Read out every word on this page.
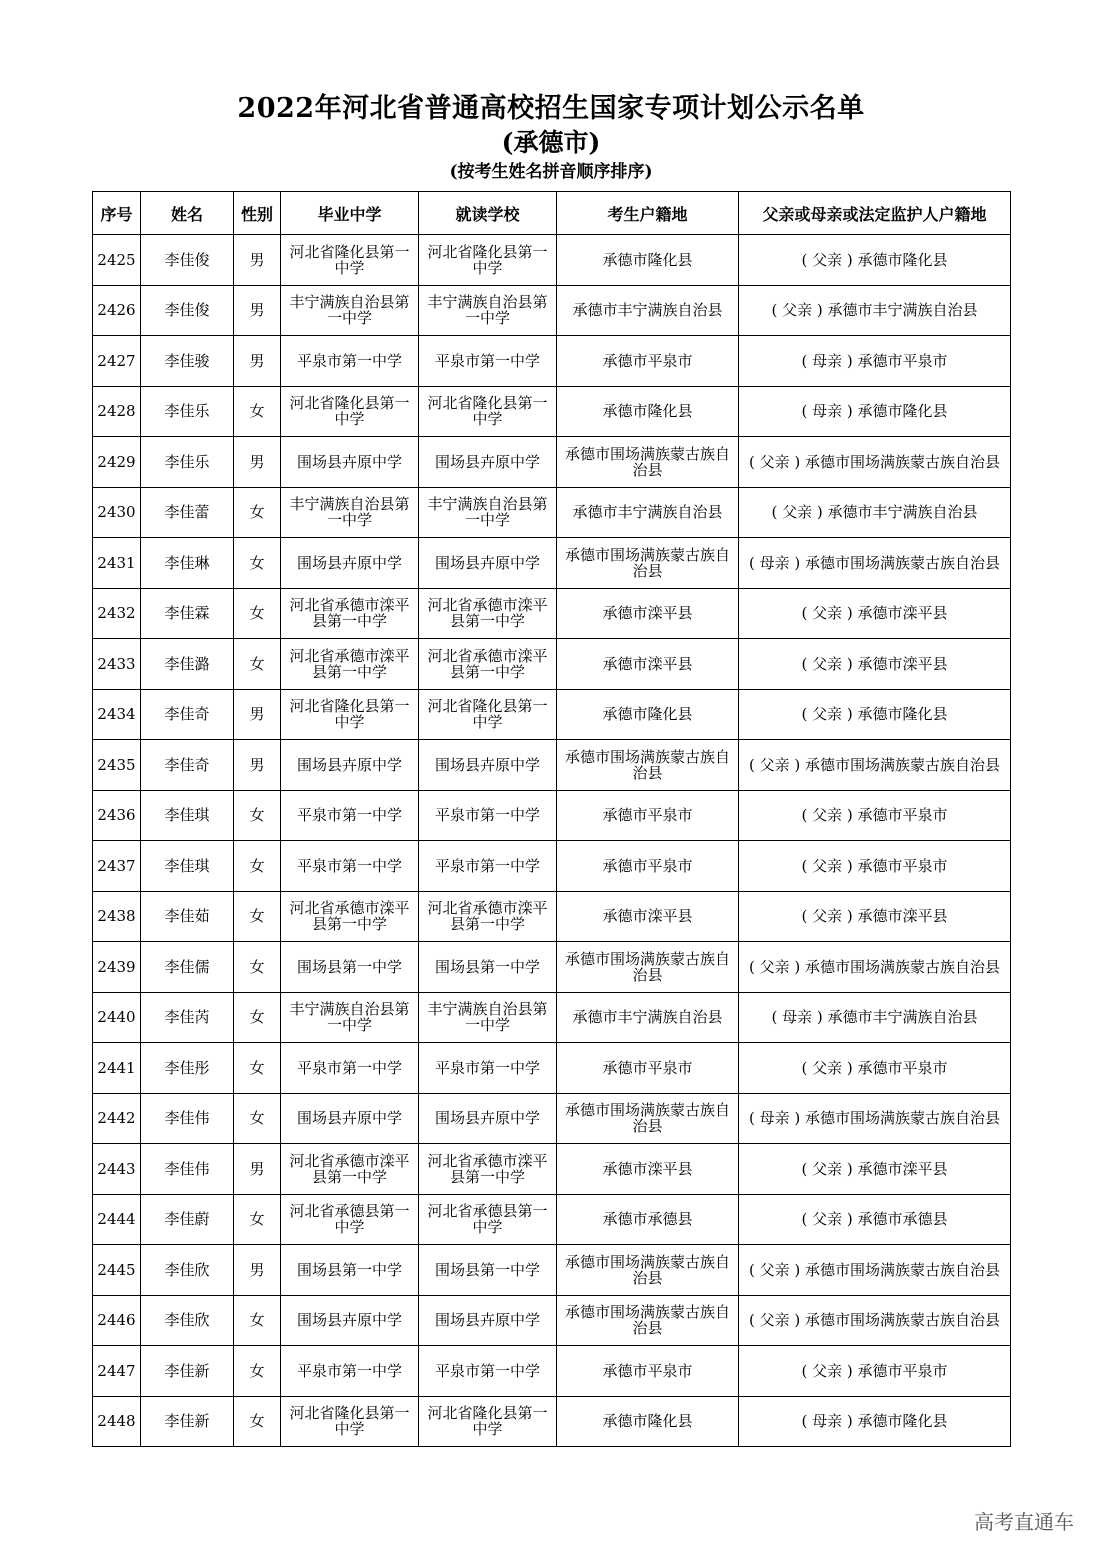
2022年河北省普通高校招生国家专项计划公示名单
(承德市)
(按考生姓名拼音顺序排序)
序号	姓名	性别	毕业中学	就读学校	考生户籍地	父亲或母亲或法定监护人户籍地
2425	李佳俊	男	河北省隆化县第一中学	河北省隆化县第一中学	承德市隆化县	( 父亲 ) 承德市隆化县
2426	李佳俊	男	丰宁满族自治县第一中学	丰宁满族自治县第一中学	承德市丰宁满族自治县	( 父亲 ) 承德市丰宁满族自治县
2427	李佳骏	男	平泉市第一中学	平泉市第一中学	承德市平泉市	( 母亲 ) 承德市平泉市
2428	李佳乐	女	河北省隆化县第一中学	河北省隆化县第一中学	承德市隆化县	( 母亲 ) 承德市隆化县
2429	李佳乐	男	围场县卉原中学	围场县卉原中学	承德市围场满族蒙古族自治县	( 父亲 ) 承德市围场满族蒙古族自治县
2430	李佳蕾	女	丰宁满族自治县第一中学	丰宁满族自治县第一中学	承德市丰宁满族自治县	( 父亲 ) 承德市丰宁满族自治县
2431	李佳琳	女	围场县卉原中学	围场县卉原中学	承德市围场满族蒙古族自治县	( 母亲 ) 承德市围场满族蒙古族自治县
2432	李佳霖	女	河北省承德市滦平县第一中学	河北省承德市滦平县第一中学	承德市滦平县	( 父亲 ) 承德市滦平县
2433	李佳潞	女	河北省承德市滦平县第一中学	河北省承德市滦平县第一中学	承德市滦平县	( 父亲 ) 承德市滦平县
2434	李佳奇	男	河北省隆化县第一中学	河北省隆化县第一中学	承德市隆化县	( 父亲 ) 承德市隆化县
2435	李佳奇	男	围场县卉原中学	围场县卉原中学	承德市围场满族蒙古族自治县	( 父亲 ) 承德市围场满族蒙古族自治县
2436	李佳琪	女	平泉市第一中学	平泉市第一中学	承德市平泉市	( 父亲 ) 承德市平泉市
2437	李佳琪	女	平泉市第一中学	平泉市第一中学	承德市平泉市	( 父亲 ) 承德市平泉市
2438	李佳茹	女	河北省承德市滦平县第一中学	河北省承德市滦平县第一中学	承德市滦平县	( 父亲 ) 承德市滦平县
2439	李佳儒	女	围场县第一中学	围场县第一中学	承德市围场满族蒙古族自治县	( 父亲 ) 承德市围场满族蒙古族自治县
2440	李佳芮	女	丰宁满族自治县第一中学	丰宁满族自治县第一中学	承德市丰宁满族自治县	( 母亲 ) 承德市丰宁满族自治县
2441	李佳彤	女	平泉市第一中学	平泉市第一中学	承德市平泉市	( 父亲 ) 承德市平泉市
2442	李佳伟	女	围场县卉原中学	围场县卉原中学	承德市围场满族蒙古族自治县	( 母亲 ) 承德市围场满族蒙古族自治县
2443	李佳伟	男	河北省承德市滦平县第一中学	河北省承德市滦平县第一中学	承德市滦平县	( 父亲 ) 承德市滦平县
2444	李佳蔚	女	河北省承德县第一中学	河北省承德县第一中学	承德市承德县	( 父亲 ) 承德市承德县
2445	李佳欣	男	围场县第一中学	围场县第一中学	承德市围场满族蒙古族自治县	( 父亲 ) 承德市围场满族蒙古族自治县
2446	李佳欣	女	围场县卉原中学	围场县卉原中学	承德市围场满族蒙古族自治县	( 父亲 ) 承德市围场满族蒙古族自治县
2447	李佳新	女	平泉市第一中学	平泉市第一中学	承德市平泉市	( 父亲 ) 承德市平泉市
2448	李佳新	女	河北省隆化县第一中学	河北省隆化县第一中学	承德市隆化县	( 母亲 ) 承德市隆化县
高考直通车
